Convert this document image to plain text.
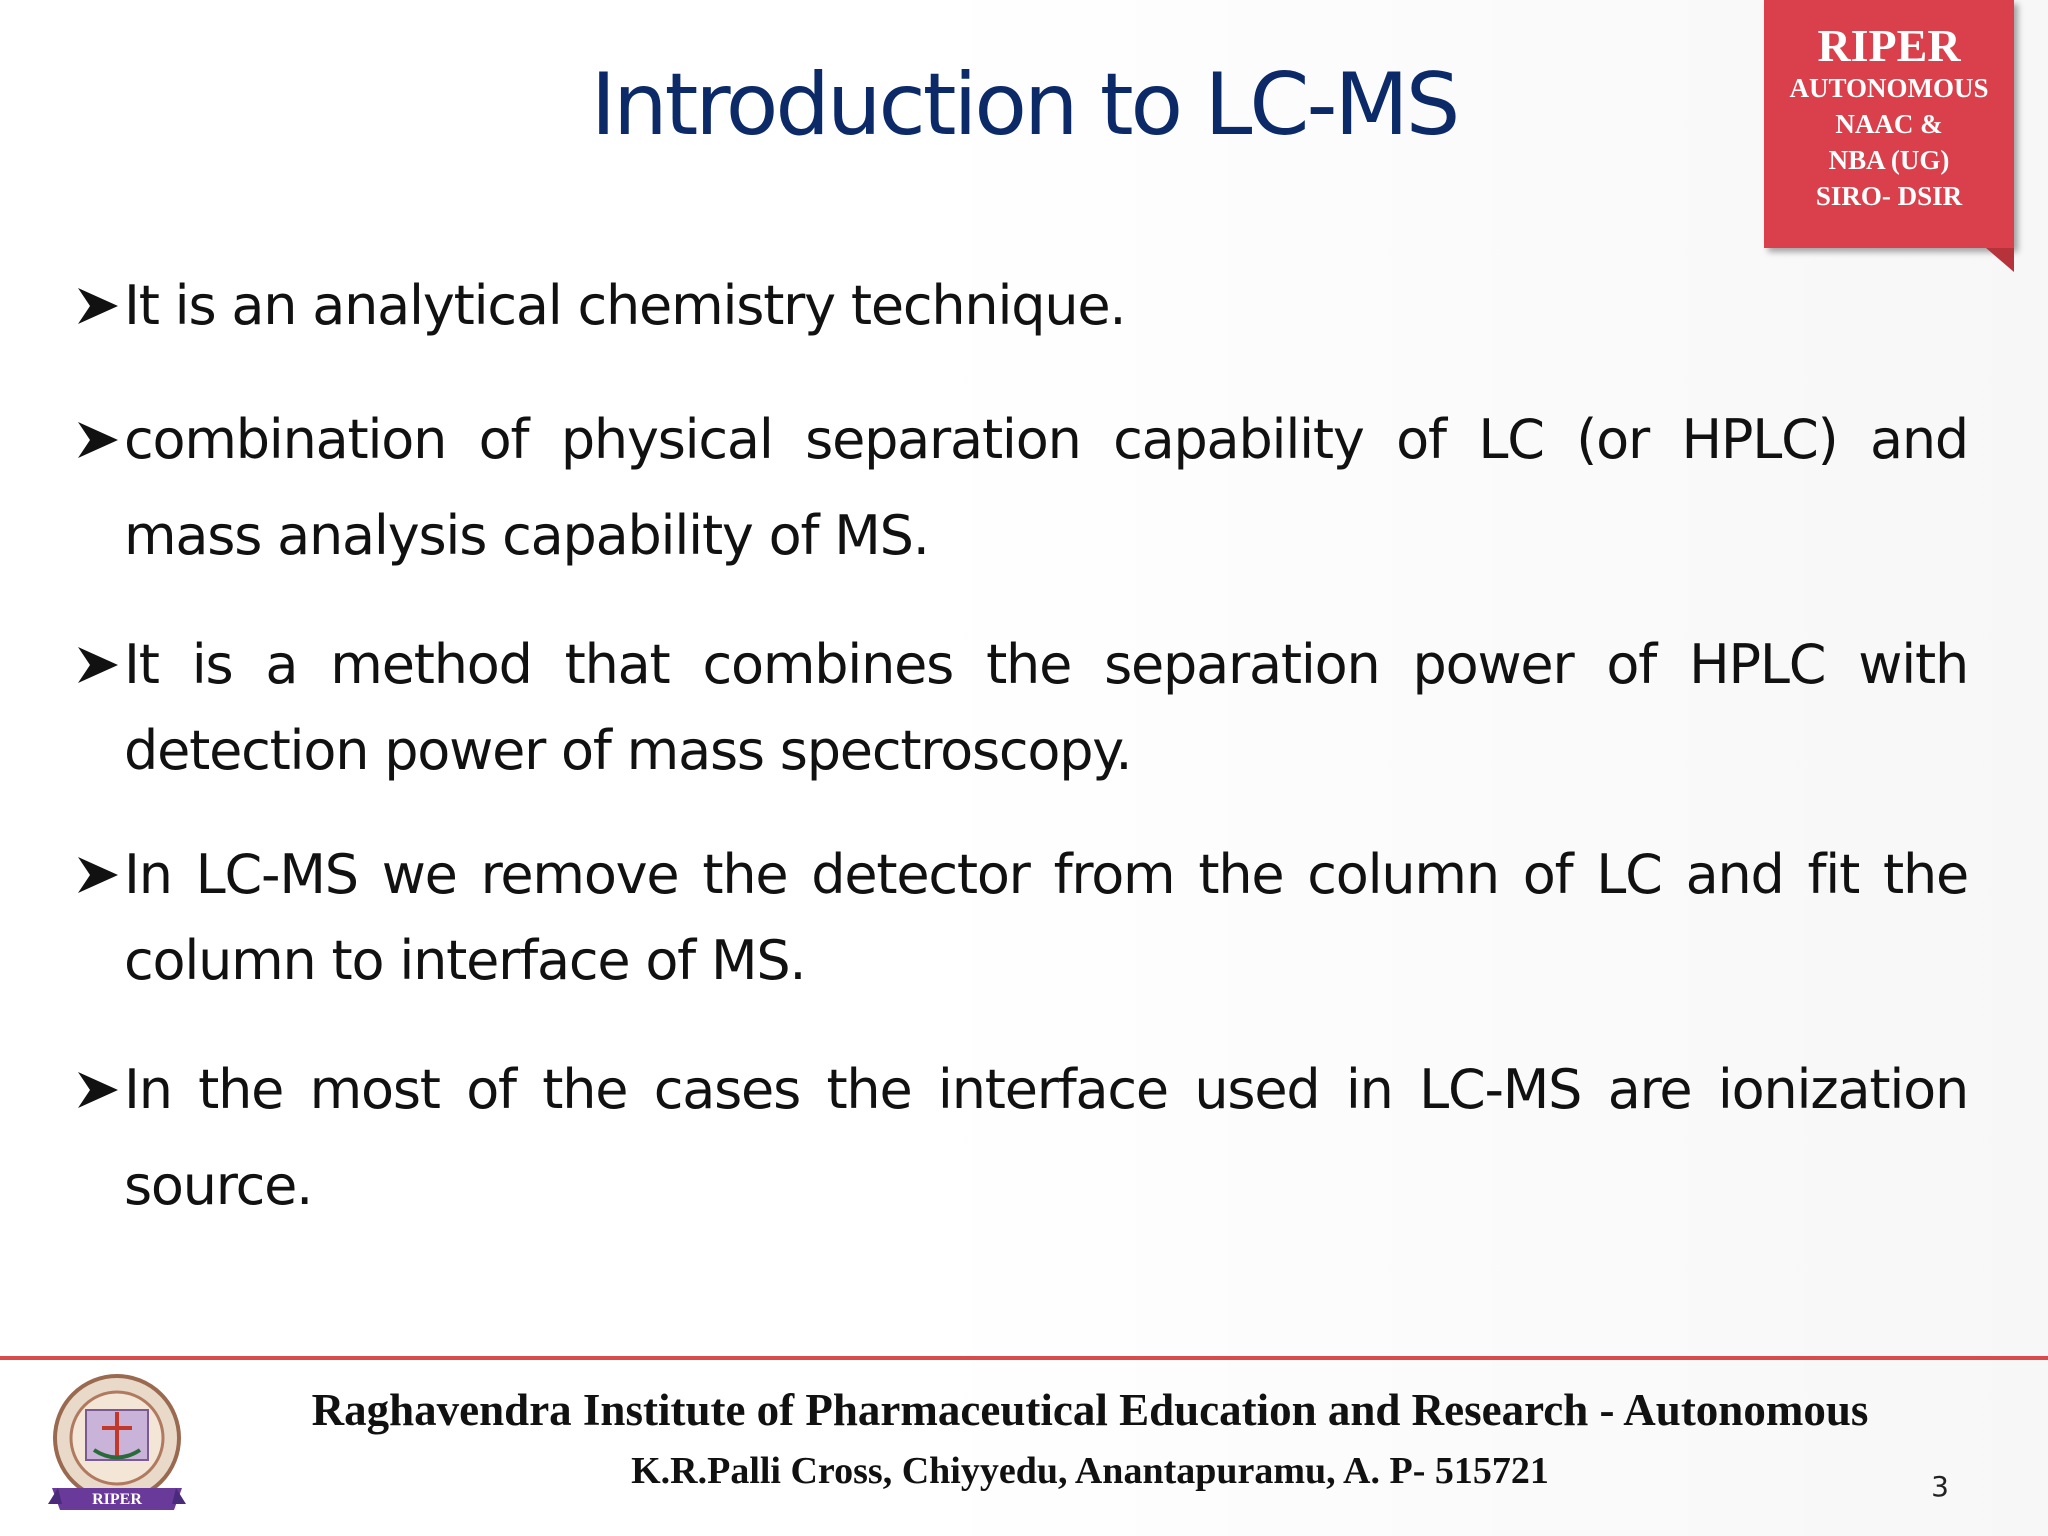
Introduction to LC-MS
RIPER
AUTONOMOUS
NAAC &
NBA (UG)
SIRO- DSIR
It is an analytical chemistry technique.
combination of physical separation capability of LC (or HPLC) and mass analysis capability of MS.
It is a method that combines the separation power of HPLC with detection power of mass spectroscopy.
In LC-MS we remove the detector from the column of LC and fit the column to interface of MS.
In the most of the cases the interface used in LC-MS are ionization source.
RIPER
Raghavendra Institute of Pharmaceutical Education and Research - Autonomous
K.R.Palli Cross, Chiyyedu, Anantapuramu, A. P- 515721	3
